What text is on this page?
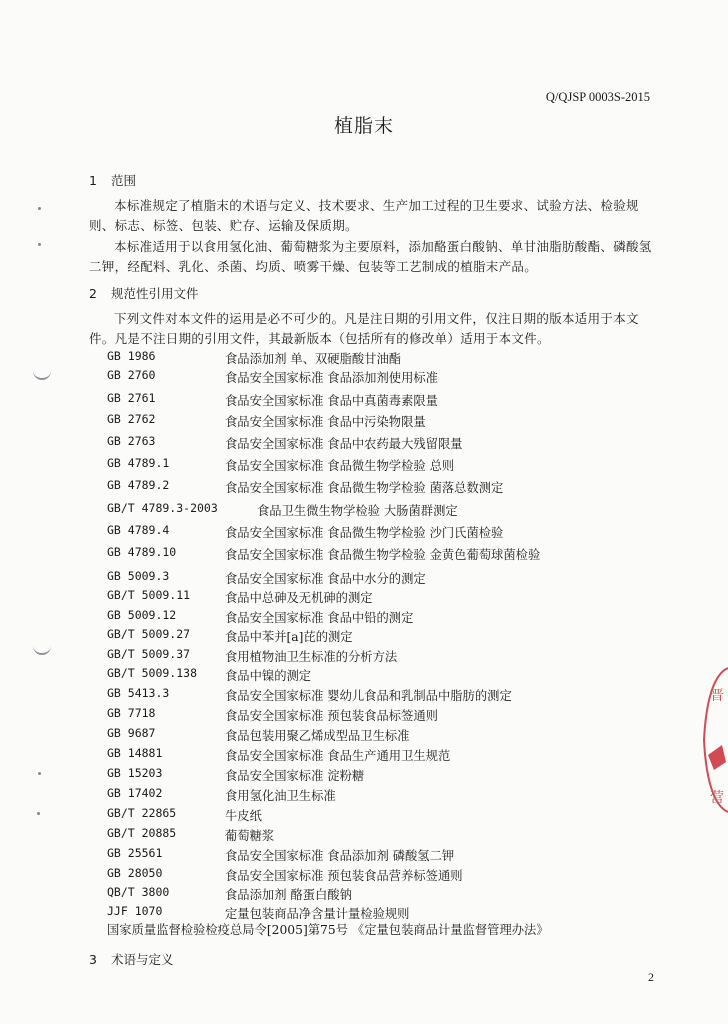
Q/QJSP 0003S-2015
植脂末
1 范围
本标准规定了植脂末的术语与定义、技术要求、生产加工过程的卫生要求、试验方法、检验规则、标志、标签、包装、贮存、运输及保质期。
本标准适用于以食用氢化油、葡萄糖浆为主要原料，添加酪蛋白酸钠、单甘油脂肪酸酯、磷酸氢二钾，经配料、乳化、杀菌、均质、喷雾干燥、包装等工艺制成的植脂末产品。
2 规范性引用文件
下列文件对本文件的运用是必不可少的。凡是注日期的引用文件，仅注日期的版本适用于本文件。凡是不注日期的引用文件，其最新版本（包括所有的修改单）适用于本文件。
GB 1986	食品添加剂 单、双硬脂酸甘油酯
GB 2760	食品安全国家标准 食品添加剂使用标准
GB 2761	食品安全国家标准 食品中真菌毒素限量
GB 2762	食品安全国家标准 食品中污染物限量
GB 2763	食品安全国家标准 食品中农药最大残留限量
GB 4789.1	食品安全国家标准 食品微生物学检验 总则
GB 4789.2	食品安全国家标准 食品微生物学检验 菌落总数测定
GB/T 4789.3-2003	食品卫生微生物学检验 大肠菌群测定
GB 4789.4	食品安全国家标准 食品微生物学检验 沙门氏菌检验
GB 4789.10	食品安全国家标准 食品微生物学检验 金黄色葡萄球菌检验
GB 5009.3	食品安全国家标准 食品中水分的测定
GB/T 5009.11	食品中总砷及无机砷的测定
GB 5009.12	食品安全国家标准 食品中铅的测定
GB/T 5009.27	食品中苯并[a]芘的测定
GB/T 5009.37	食用植物油卫生标准的分析方法
GB/T 5009.138 食品中镍的测定
GB 5413.3	食品安全国家标准 婴幼儿食品和乳制品中脂肪的测定
GB 7718	食品安全国家标准 预包装食品标签通则
GB 9687	食品包装用聚乙烯成型品卫生标准
GB 14881	食品安全国家标准 食品生产通用卫生规范
GB 15203	食品安全国家标准 淀粉糖
GB 17402	食用氢化油卫生标准
GB/T 22865	牛皮纸
GB/T 20885	葡萄糖浆
GB 25561	食品安全国家标准 食品添加剂 磷酸氢二钾
GB 28050	食品安全国家标准 预包装食品营养标签通则
QB/T 3800	食品添加剂 酪蛋白酸钠
JJF 1070	定量包装商品净含量计量检验规则
国家质量监督检验检疫总局令[2005]第75号 《定量包装商品计量监督管理办法》
3 术语与定义
2
晋
营
